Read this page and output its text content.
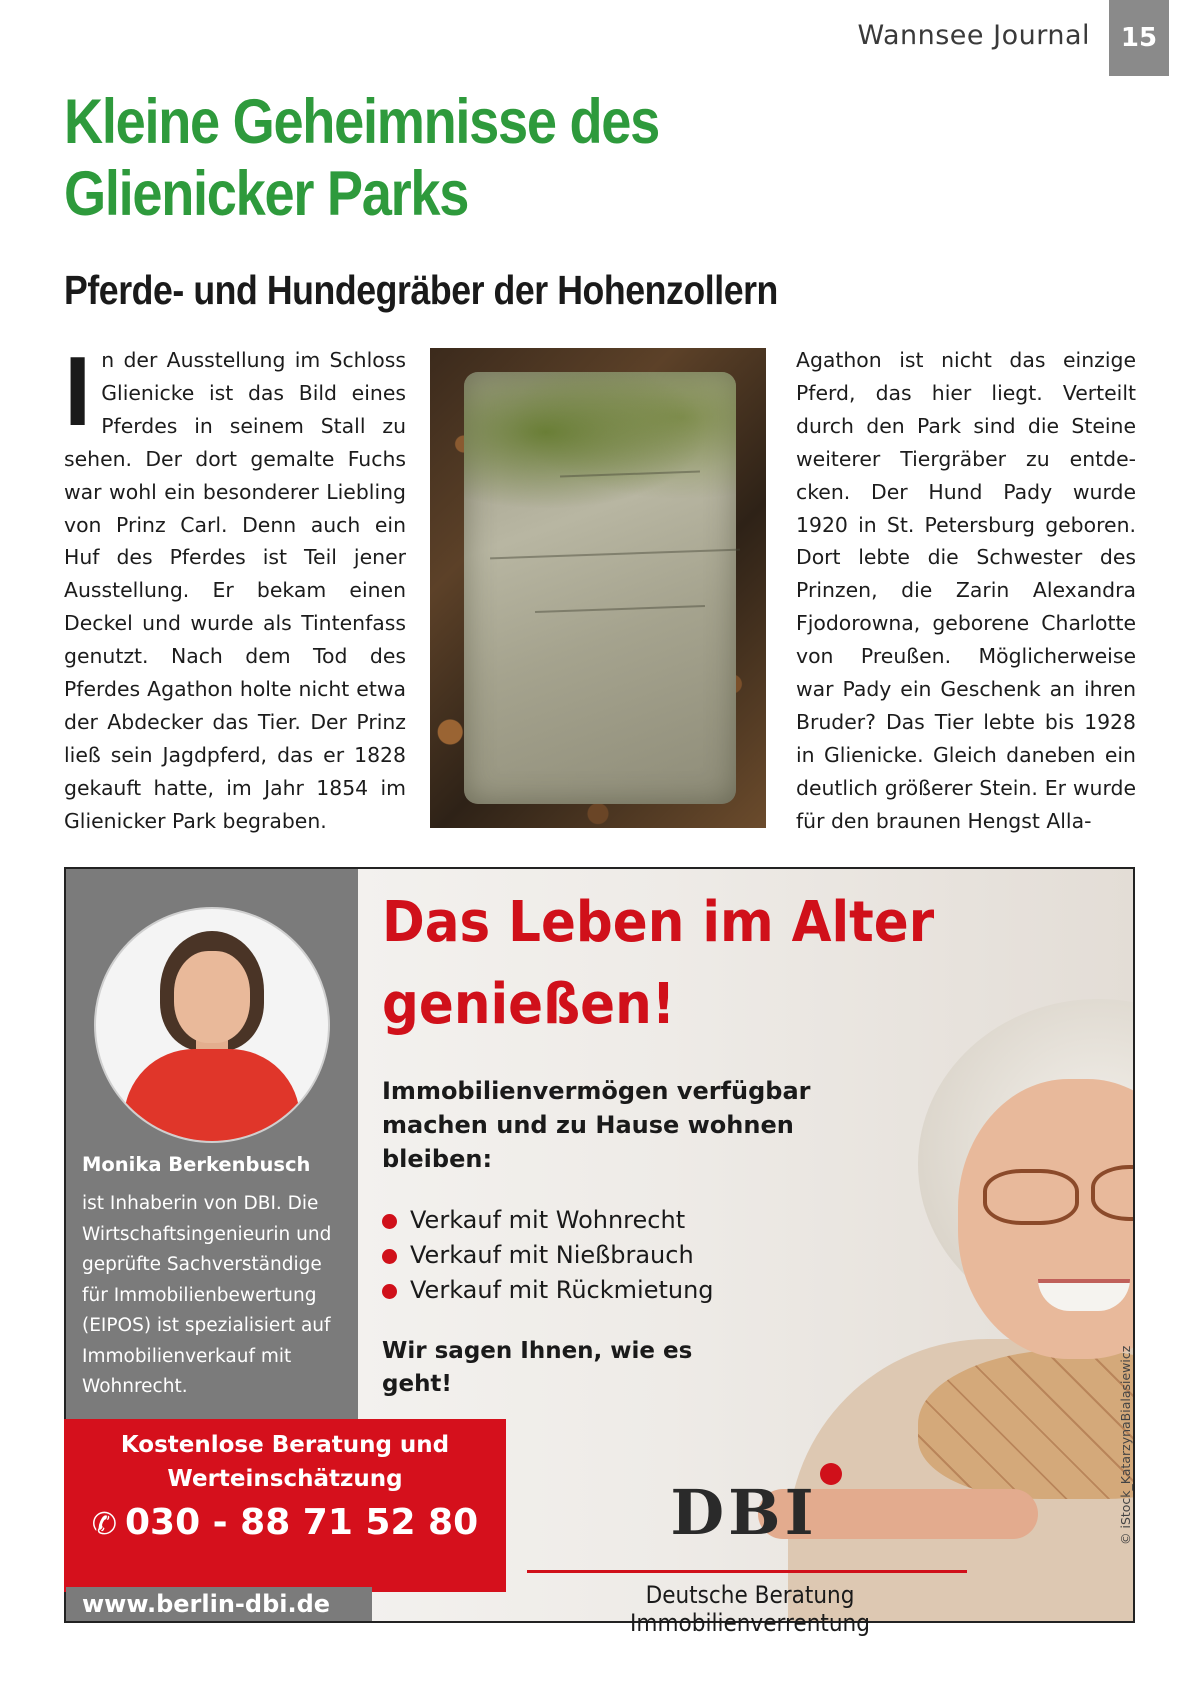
Wannsee Journal	15
Kleine Geheimnisse des Glienicker Parks
Pferde- und Hundegräber der Hohenzollern
I n der Ausstellung im Schloss Glienicke ist das Bild eines Pferdes in seinem Stall zu sehen. Der dort gemalte Fuchs war wohl ein besonderer Liebling von Prinz Carl. Denn auch ein Huf des Pferdes ist Teil jener Ausstellung. Er bekam einen Deckel und wurde als Tintenfass genutzt. Nach dem Tod des Pferdes Agathon holte nicht etwa der Abdecker das Tier. Der Prinz ließ sein Jagdpferd, das er 1828 gekauft hatte, im Jahr 1854 im Glienicker Park begraben.
Agathon ist nicht das einzige Pferd, das hier liegt. Verteilt durch den Park sind die Steine weiterer Tiergräber zu entdecken. Der Hund Pady wurde 1920 in St. Petersburg geboren. Dort lebte die Schwester des Prinzen, die Zarin Alexandra Fjodorowna, geborene Charlotte von Preußen. Möglicherweise war Pady ein Geschenk an ihren Bruder? Das Tier lebte bis 1928 in Glienicke. Gleich daneben ein deutlich größerer Stein. Er wurde für den braunen Hengst Alla-
Monika Berkenbusch

ist Inhaberin von DBI. Die Wirtschaftsingenieurin und geprüfte Sachverständige für Immobilienbewertung (EIPOS) ist spezialisiert auf Immobilienverkauf mit Wohnrecht.

Das Leben im Alter genießen!

Immobilienvermögen verfügbar machen und zu Hause wohnen bleiben:

Verkauf mit Wohnrecht
Verkauf mit Nießbrauch
Verkauf mit Rückmietung

Wir sagen Ihnen, wie es geht!

Kostenlose Beratung und Werteinschätzung

✆ 030 - 88 71 52 80
www.berlin-dbi.de
DBI
Deutsche Beratung Immobilienverrentung
© iStock_KatarzynaBialasiewicz
